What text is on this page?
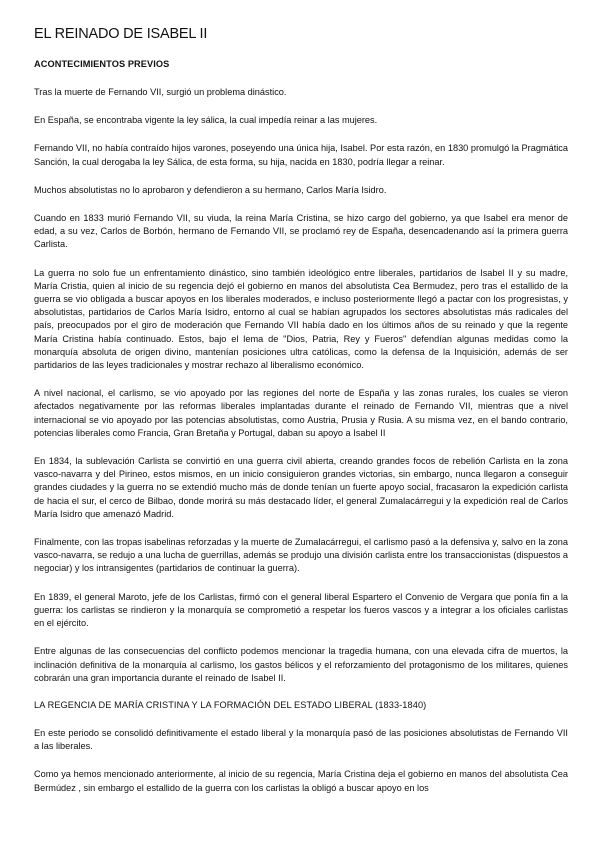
EL REINADO DE ISABEL II
ACONTECIMIENTOS PREVIOS

Tras la muerte de Fernando VII, surgió un problema dinástico.

En España, se encontraba vigente la ley sálica, la cual impedía reinar a las mujeres.

Fernando VII, no había contraído hijos varones, poseyendo una única hija, Isabel. Por esta razón, en 1830 promulgó la Pragmática Sanción, la cual derogaba la ley Sálica, de esta forma, su hija, nacida en 1830, podría llegar a reinar.

Muchos absolutistas no lo aprobaron y defendieron a su hermano, Carlos María Isidro.

Cuando en 1833 murió Fernando VII, su viuda, la reina María Cristina, se hizo cargo del gobierno, ya que Isabel era menor de edad, a su vez, Carlos de Borbón, hermano de Fernando VII, se proclamó rey de España, desencadenando así la primera guerra Carlista.

La guerra no solo fue un enfrentamiento dinástico, sino también ideológico entre liberales, partidarios de Isabel II y su madre, María Cristia, quien al inicio de su regencia dejó el gobierno en manos del absolutista Cea Bermudez, pero tras el estallido de la guerra se vio obligada a buscar apoyos en los liberales moderados, e incluso posteriormente llegó a pactar con los progresistas, y absolutistas, partidarios de Carlos María Isidro, entorno al cual se habían agrupados los sectores absolutistas más radicales del país, preocupados por el giro de moderación que Fernando VII había dado en los últimos años de su reinado y que la regente María Cristina había continuado. Estos, bajo el lema de "Dios, Patria, Rey y Fueros" defendían algunas medidas como la monarquía absoluta de origen divino, mantenían posiciones ultra católicas, como la defensa de la Inquisición, además de ser partidarios de las leyes tradicionales y mostrar rechazo al liberalismo económico.

A nivel nacional, el carlismo, se vio apoyado por las regiones del norte de España y las zonas rurales, los cuales se vieron afectados negativamente por las reformas liberales implantadas durante el reinado de Fernando VII, mientras que a nivel internacional se vio apoyado por las potencias absolutistas, como Austria, Prusia y Rusia. A su misma vez, en el bando contrario, potencias liberales como Francia, Gran Bretaña y Portugal, daban su apoyo a Isabel II

En 1834, la sublevación Carlista se convirtió en una guerra civil abierta, creando grandes focos de rebelión Carlista en la zona vasco-navarra y del Pirineo, estos mismos, en un inicio consiguieron grandes victorias, sin embargo, nunca llegaron a conseguir grandes ciudades y la guerra no se extendió mucho más de donde tenían un fuerte apoyo social, fracasaron la expedición carlista de hacia el sur, el cerco de Bilbao, donde morirá su más destacado líder, el general Zumalacárregui y la expedición real de Carlos María Isidro que amenazó Madrid.

Finalmente, con las tropas isabelinas reforzadas y la muerte de Zumalacárregui, el carlismo pasó a la defensiva y, salvo en la zona vasco-navarra, se redujo a una lucha de guerrillas, además se produjo una división carlista entre los transaccionistas (dispuestos a negociar) y los intransigentes (partidarios de continuar la guerra).

En 1839, el general Maroto, jefe de los Carlistas, firmó con el general liberal Espartero el Convenio de Vergara que ponía fin a la guerra: los carlistas se rindieron y la monarquía se comprometió a respetar los fueros vascos y a integrar a los oficiales carlistas en el ejército.

Entre algunas de las consecuencias del conflicto podemos mencionar la tragedia humana, con una elevada cifra de muertos, la inclinación definitiva de la monarquía al carlismo, los gastos bélicos y el reforzamiento del protagonismo de los militares, quienes cobrarán una gran importancia durante el reinado de Isabel II.

LA REGENCIA DE MARÍA CRISTINA Y LA FORMACIÓN DEL ESTADO LIBERAL (1833-1840)

En este periodo se consolidó definitivamente el estado liberal y la monarquía pasó de las posiciones absolutistas de Fernando VII a las liberales.

Como ya hemos mencionado anteriormente, al inicio de su regencia, María Cristina deja el gobierno en manos del absolutista Cea Bermúdez , sin embargo el estallido de la guerra con los carlistas la obligó a buscar apoyo en los
